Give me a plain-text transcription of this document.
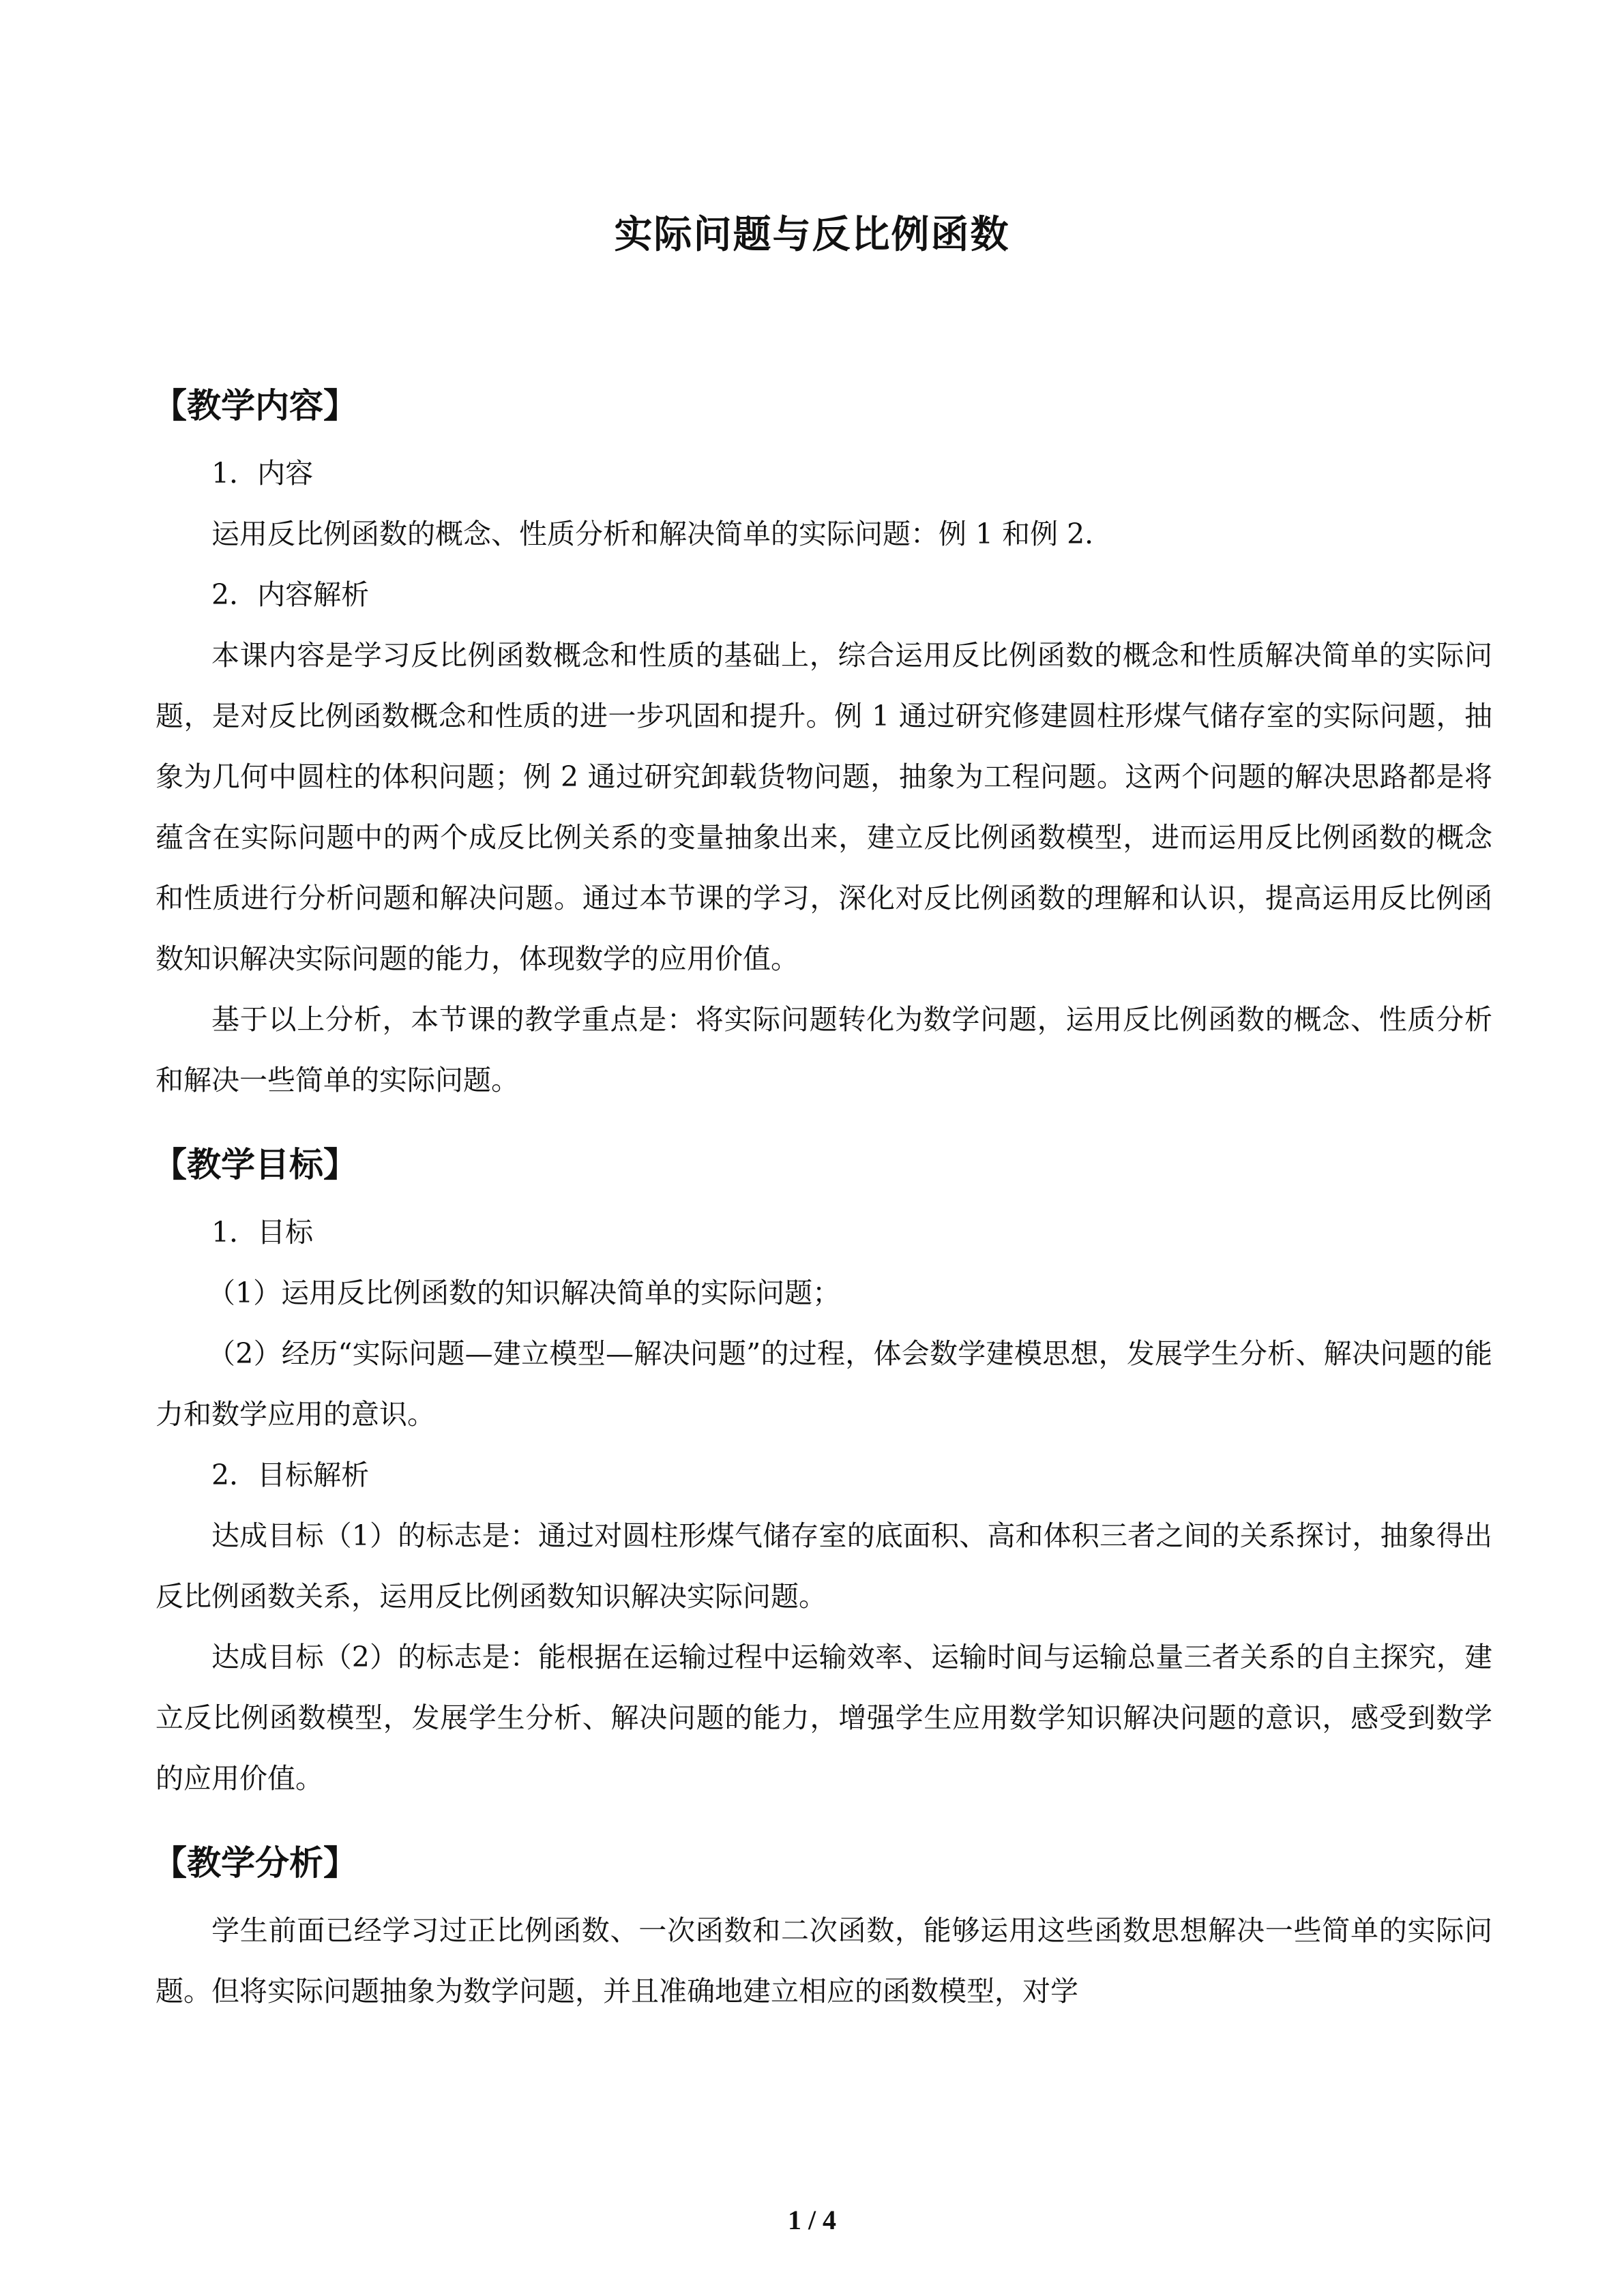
实际问题与反比例函数
【教学内容】

1．内容

运用反比例函数的概念、性质分析和解决简单的实际问题：例 1 和例 2．

2．内容解析

本课内容是学习反比例函数概念和性质的基础上，综合运用反比例函数的概念和性质解决简单的实际问题，是对反比例函数概念和性质的进一步巩固和提升。例 1 通过研究修建圆柱形煤气储存室的实际问题，抽象为几何中圆柱的体积问题；例 2 通过研究卸载货物问题，抽象为工程问题。这两个问题的解决思路都是将蕴含在实际问题中的两个成反比例关系的变量抽象出来，建立反比例函数模型，进而运用反比例函数的概念和性质进行分析问题和解决问题。通过本节课的学习，深化对反比例函数的理解和认识，提高运用反比例函数知识解决实际问题的能力，体现数学的应用价值。

基于以上分析，本节课的教学重点是：将实际问题转化为数学问题，运用反比例函数的概念、性质分析和解决一些简单的实际问题。

【教学目标】

1．目标

（1）运用反比例函数的知识解决简单的实际问题；

（2）经历“实际问题—建立模型—解决问题”的过程，体会数学建模思想，发展学生分析、解决问题的能力和数学应用的意识。

2．目标解析

达成目标（1）的标志是：通过对圆柱形煤气储存室的底面积、高和体积三者之间的关系探讨，抽象得出反比例函数关系，运用反比例函数知识解决实际问题。

达成目标（2）的标志是：能根据在运输过程中运输效率、运输时间与运输总量三者关系的自主探究，建立反比例函数模型，发展学生分析、解决问题的能力，增强学生应用数学知识解决问题的意识，感受到数学的应用价值。

【教学分析】

学生前面已经学习过正比例函数、一次函数和二次函数，能够运用这些函数思想解决一些简单的实际问题。但将实际问题抽象为数学问题，并且准确地建立相应的函数模型，对学

1 / 4
